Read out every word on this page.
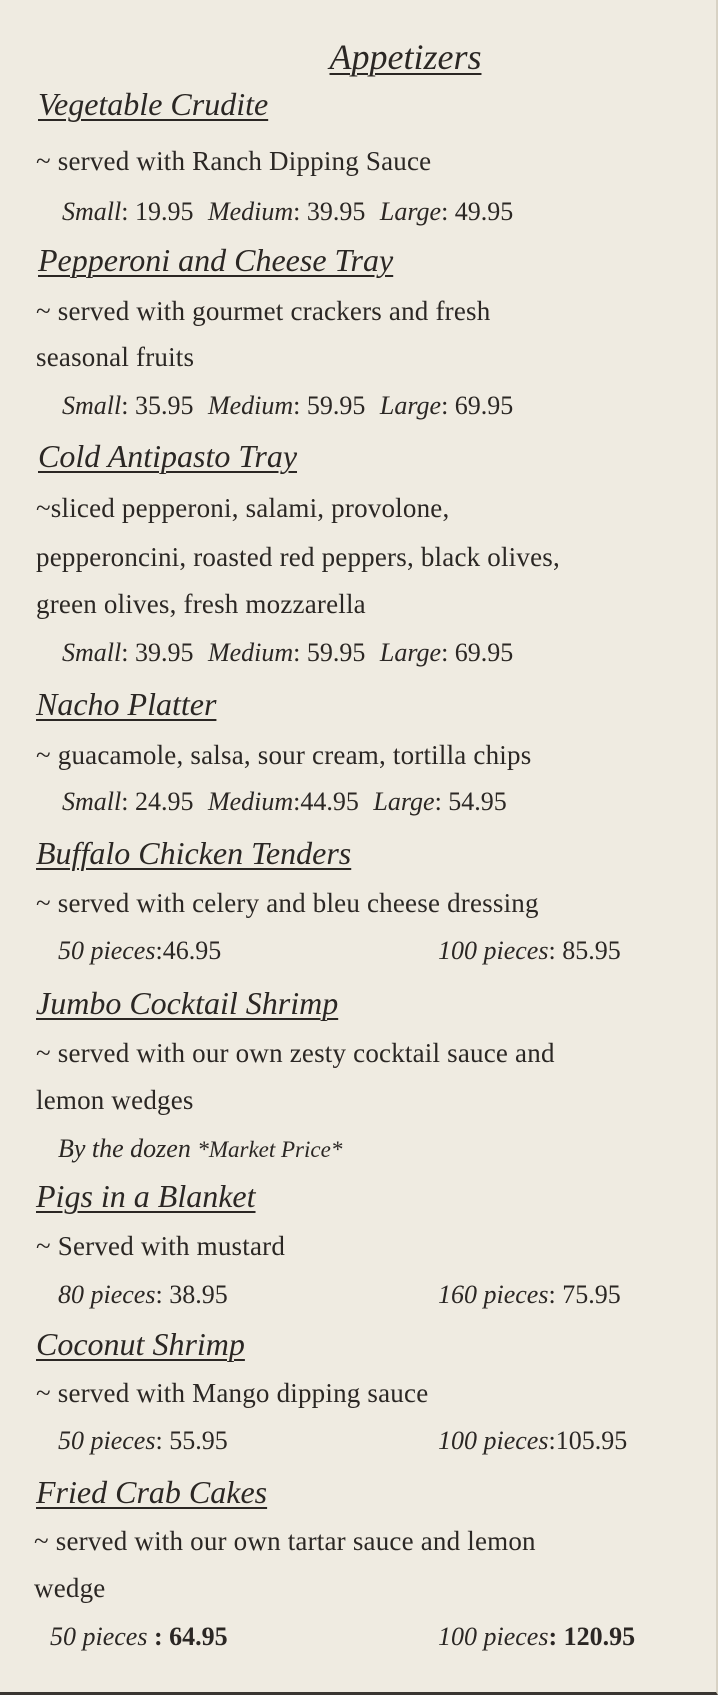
Appetizers
Vegetable Crudite
~ served with Ranch Dipping Sauce
Small: 19.95 Medium: 39.95 Large: 49.95
Pepperoni and Cheese Tray
~ served with gourmet crackers and fresh
seasonal fruits
Small: 35.95 Medium: 59.95 Large: 69.95
Cold Antipasto Tray
~sliced pepperoni, salami, provolone,
pepperoncini, roasted red peppers, black olives,
green olives, fresh mozzarella
Small: 39.95 Medium: 59.95 Large: 69.95
Nacho Platter
~ guacamole, salsa, sour cream, tortilla chips
Small: 24.95 Medium:44.95 Large: 54.95
Buffalo Chicken Tenders
~ served with celery and bleu cheese dressing
50 pieces:46.95	100 pieces: 85.95
Jumbo Cocktail Shrimp
~ served with our own zesty cocktail sauce and
lemon wedges
By the dozen *Market Price*
Pigs in a Blanket
~ Served with mustard
80 pieces: 38.95	160 pieces: 75.95
Coconut Shrimp
~ served with Mango dipping sauce
50 pieces: 55.95	100 pieces:105.95
Fried Crab Cakes
~ served with our own tartar sauce and lemon
wedge
50 pieces : 64.95	100 pieces: 120.95
